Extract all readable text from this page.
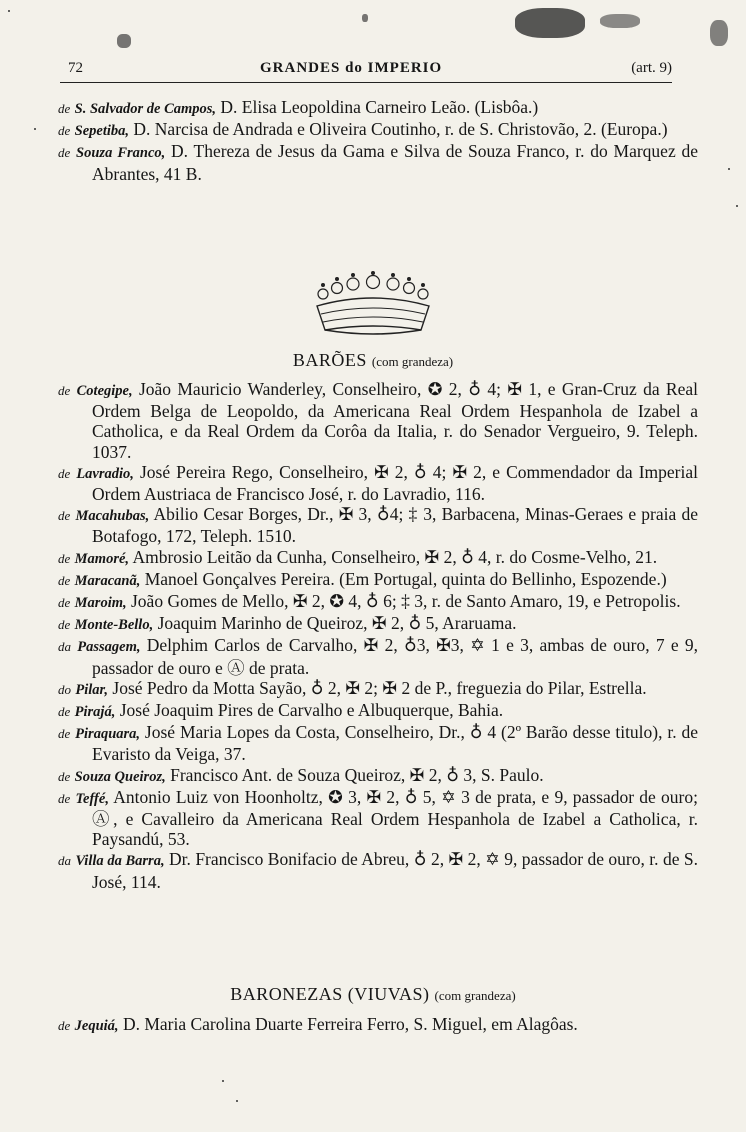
72	GRANDES do IMPERIO	(art. 9)

de S. Salvador de Campos, D. Elisa Leopoldina Carneiro Leão. (Lisbôa.)

de Sepetiba, D. Narcisa de Andrada e Oliveira Coutinho, r. de S. Christovão, 2. (Europa.)

de Souza Franco, D. Thereza de Jesus da Gama e Silva de Souza Franco, r. do Marquez de Abrantes, 41 B.

BARÕES (com grandeza)

de Cotegipe, João Mauricio Wanderley, Conselheiro, ✪ 2, ♁ 4; ✠ 1, e Gran-Cruz da Real Ordem Belga de Leopoldo, da Americana Real Ordem Hespanhola de Izabel a Catholica, e da Real Ordem da Corôa da Italia, r. do Senador Vergueiro, 9. Teleph. 1037.

de Lavradio, José Pereira Rego, Conselheiro, ✠ 2, ♁ 4; ✠ 2, e Commendador da Imperial Ordem Austriaca de Francisco José, r. do Lavradio, 116.

de Macahubas, Abilio Cesar Borges, Dr., ✠ 3, ♁4; ‡ 3, Barbacena, Minas-Geraes e praia de Botafogo, 172, Teleph. 1510.

de Mamoré, Ambrosio Leitão da Cunha, Conselheiro, ✠ 2, ♁ 4, r. do Cosme-Velho, 21.

de Maracanã, Manoel Gonçalves Pereira. (Em Portugal, quinta do Bellinho, Espozende.)

de Maroim, João Gomes de Mello, ✠ 2, ✪ 4, ♁ 6; ‡ 3, r. de Santo Amaro, 19, e Petropolis.

de Monte-Bello, Joaquim Marinho de Queiroz, ✠ 2, ♁ 5, Araruama.

da Passagem, Delphim Carlos de Carvalho, ✠ 2, ♁3, ✠3, ✡ 1 e 3, ambas de ouro, 7 e 9, passador de ouro e Ⓐ de prata.

do Pilar, José Pedro da Motta Sayão, ♁ 2, ✠ 2; ✠ 2 de P., freguezia do Pilar, Estrella.

de Pirajá, José Joaquim Pires de Carvalho e Albuquerque, Bahia.

de Piraquara, José Maria Lopes da Costa, Conselheiro, Dr., ♁ 4 (2º Barão desse titulo), r. de Evaristo da Veiga, 37.

de Souza Queiroz, Francisco Ant. de Souza Queiroz, ✠ 2, ♁ 3, S. Paulo.

de Teffé, Antonio Luiz von Hoonholtz, ✪ 3, ✠ 2, ♁ 5, ✡ 3 de prata, e 9, passador de ouro; Ⓐ, e Cavalleiro da Americana Real Ordem Hespanhola de Izabel a Catholica, r. Paysandú, 53.

da Villa da Barra, Dr. Francisco Bonifacio de Abreu, ♁ 2, ✠ 2, ✡ 9, passador de ouro, r. de S. José, 114.

BARONEZAS (VIUVAS) (com grandeza)

de Jequiá, D. Maria Carolina Duarte Ferreira Ferro, S. Miguel, em Alagôas.
